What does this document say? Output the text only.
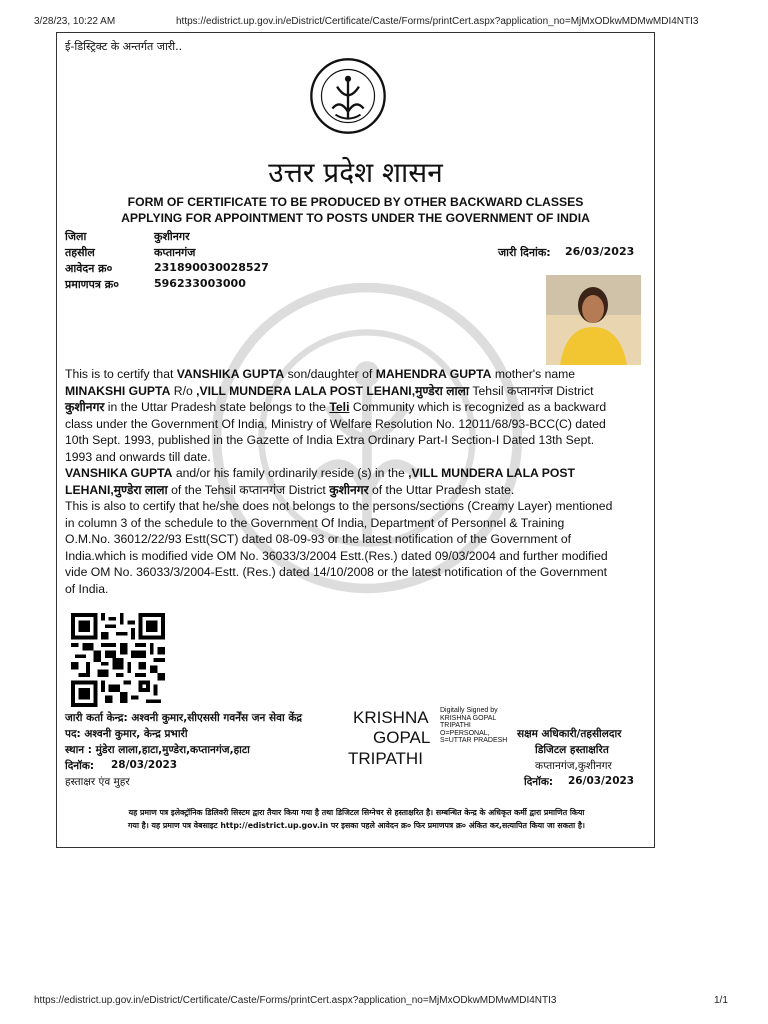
3/28/23, 10:22 AM	https://edistrict.up.gov.in/eDistrict/Certificate/Caste/Forms/printCert.aspx?application_no=MjMxODkwMDMwMDI4NTI3
https://edistrict.up.gov.in/eDistrict/Certificate/Caste/Forms/printCert.aspx?application_no=MjMxODkwMDMwMDI4NTI3	1/1
ई-डिस्ट्रिक्ट के अन्तर्गत जारी..
उत्तर प्रदेश शासन
FORM OF CERTIFICATE TO BE PRODUCED BY OTHER BACKWARD CLASSES
APPLYING FOR APPOINTMENT TO POSTS UNDER THE GOVERNMENT OF INDIA
जिला	कुशीनगर
तहसील	कप्तानगंज
आवेदन क्र०	231890030028527
प्रमाणपत्र क्र०	596233003000
जारी दिनांक: 26/03/2023
This is to certify that VANSHIKA GUPTA son/daughter of MAHENDRA GUPTA mother's name
MINAKSHI GUPTA R/o ,VILL MUNDERA LALA POST LEHANI,मुण्डेरा लाला Tehsil कप्तानगंज District
कुशीनगर in the Uttar Pradesh state belongs to the Teli Community which is recognized as a backward
class under the Government Of India, Ministry of Welfare Resolution No. 12011/68/93-BCC(C) dated
10th Sept. 1993, published in the Gazette of India Extra Ordinary Part-I Section-I Dated 13th Sept.
1993 and onwards till date.
VANSHIKA GUPTA and/or his family ordinarily reside (s) in the ,VILL MUNDERA LALA POST
LEHANI,मुण्डेरा लाला of the Tehsil कप्तानगंज District कुशीनगर of the Uttar Pradesh state.
This is also to certify that he/she does not belongs to the persons/sections (Creamy Layer) mentioned
in column 3 of the schedule to the Government Of India, Department of Personnel & Training
O.M.No. 36012/22/93 Estt(SCT) dated 08-09-93 or the latest notification of the Government of
India.which is modified vide OM No. 36033/3/2004 Estt.(Res.) dated 09/03/2004 and further modified
vide OM No. 36033/3/2004-Estt. (Res.) dated 14/10/2008 or the latest notification of the Government
of India.
जारी कर्ता केन्द्र: अश्वनी कुमार,सीएससी गवर्नेंस जन सेवा केंद्र
पद: अश्वनी कुमार, केन्द्र प्रभारी
स्थान : मुंडेरा लाला,हाटा,मुण्डेरा,कप्तानगंज,हाटा
दिनॉक: 28/03/2023
हस्ताक्षर एंव मुहर
KRISHNA
GOPAL
TRIPATHI
Digitally Signed by
KRISHNA GOPAL
TRIPATHI
O=PERSONAL,
S=UTTAR PRADESH
सक्षम अधिकारी/तहसीलदार
डिजिटल हस्ताक्षरित
कप्तानगंज,कुशीनगर
दिनॉक: 26/03/2023
यह प्रमाण पत्र इलेक्ट्रॉनिक डिलिवरी सिस्टम द्वारा तैयार किया गया है तथा डिजिटल सिग्नेचर से हस्ताक्षरित है। सम्बन्धित केन्द्र के अधिकृत कर्मी द्वारा प्रमाणित किया
गया है। यह प्रमाण पत्र वेबसाइट http://edistrict.up.gov.in पर इसका पहले आवेदन क्र० फिर प्रमाणपत्र क्र० अंकित कर,सत्यापित किया जा सकता है।
